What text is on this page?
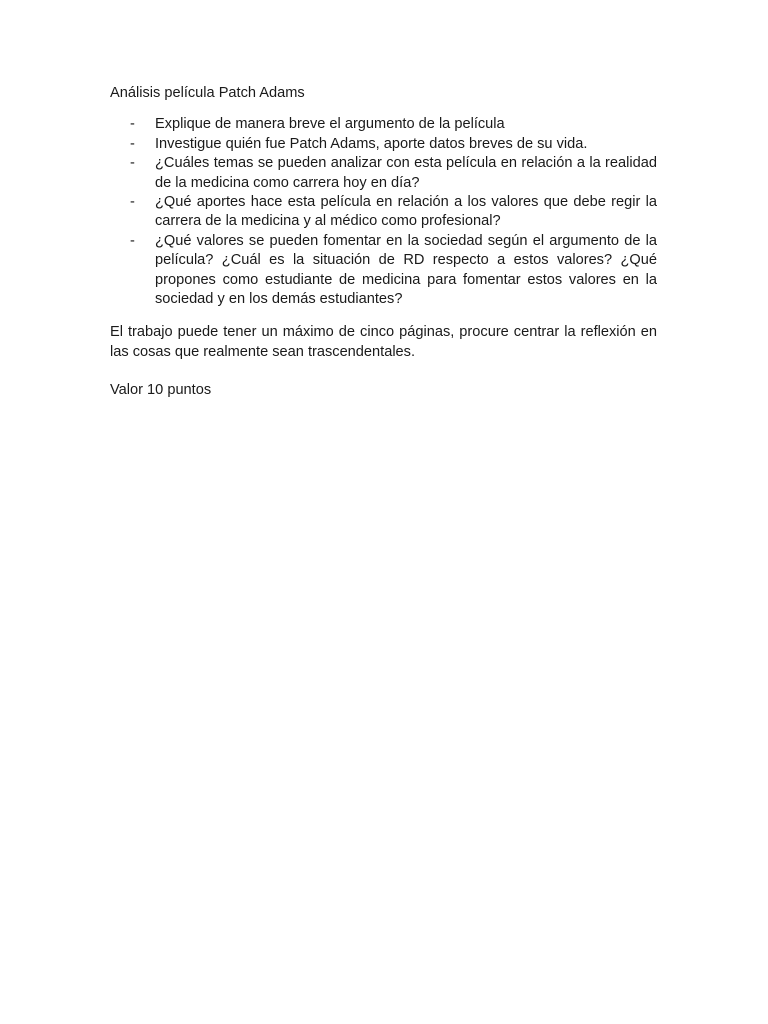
Análisis película Patch Adams

- Explique de manera breve el argumento de la película
- Investigue quién fue Patch Adams, aporte datos breves de su vida.
- ¿Cuáles temas se pueden analizar con esta película en relación a la realidad de la medicina como carrera hoy en día?
- ¿Qué aportes hace esta película en relación a los valores que debe regir la carrera de la medicina y al médico como profesional?
- ¿Qué valores se pueden fomentar en la sociedad según el argumento de la película? ¿Cuál es la situación de RD respecto a estos valores? ¿Qué propones como estudiante de medicina para fomentar estos valores en la sociedad y en los demás estudiantes?

El trabajo puede tener un máximo de cinco páginas, procure centrar la reflexión en las cosas que realmente sean trascendentales.

Valor 10 puntos
